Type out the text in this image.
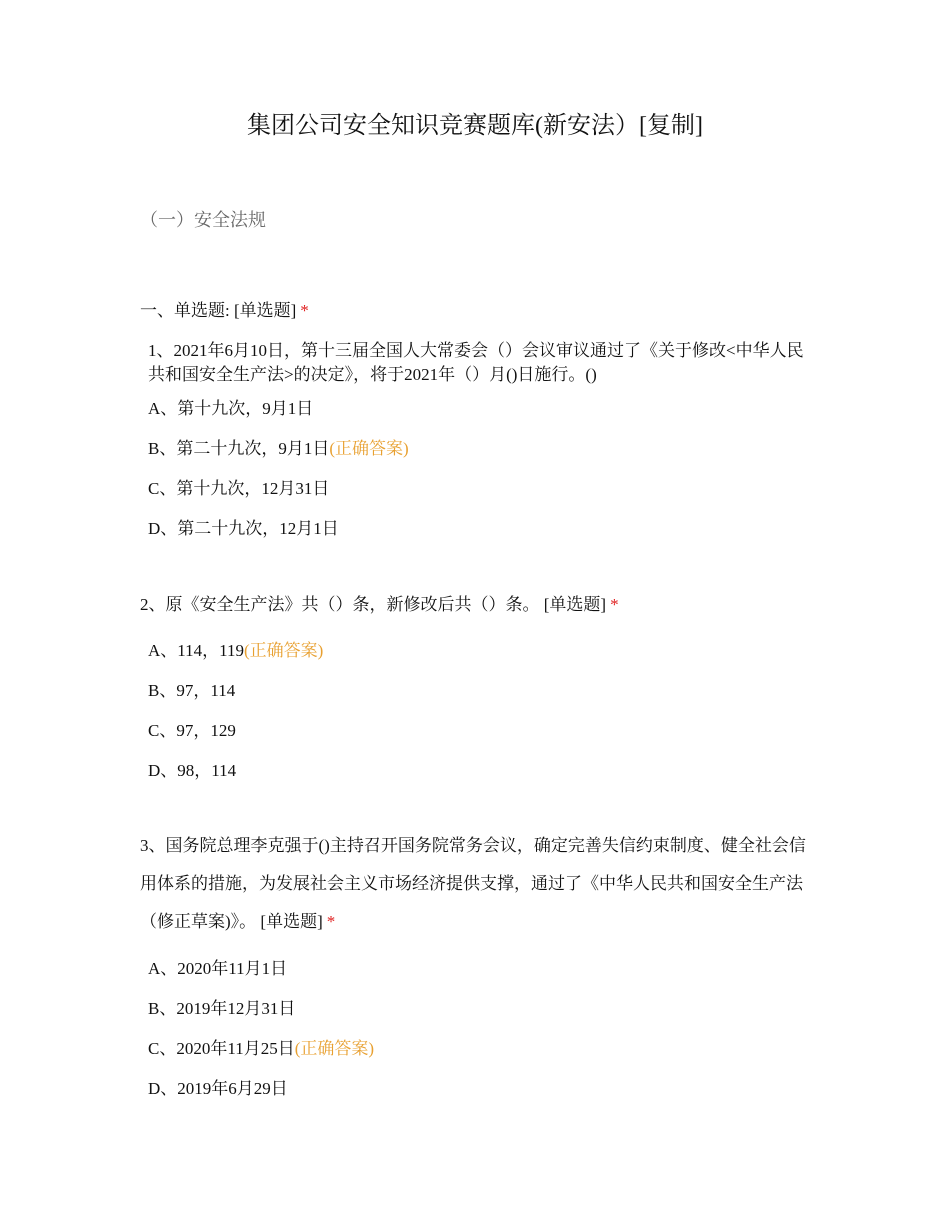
集团公司安全知识竞赛题库(新安法）[复制]
（一）安全法规
一、单选题: [单选题] *
1、2021年6月10日，第十三届全国人大常委会（）会议审议通过了《关于修改<中华人民共和国安全生产法>的决定》，将于2021年（）月()日施行。()
A、第十九次，9月1日
B、第二十九次，9月1日(正确答案)
C、第十九次，12月31日
D、第二十九次，12月1日
2、原《安全生产法》共（）条，新修改后共（）条。 [单选题] *
A、114，119(正确答案)
B、97，114
C、97，129
D、98，114
3、国务院总理李克强于()主持召开国务院常务会议，确定完善失信约束制度、健全社会信用体系的措施，为发展社会主义市场经济提供支撑，通过了《中华人民共和国安全生产法（修正草案)》。 [单选题] *
A、2020年11月1日
B、2019年12月31日
C、2020年11月25日(正确答案)
D、2019年6月29日
